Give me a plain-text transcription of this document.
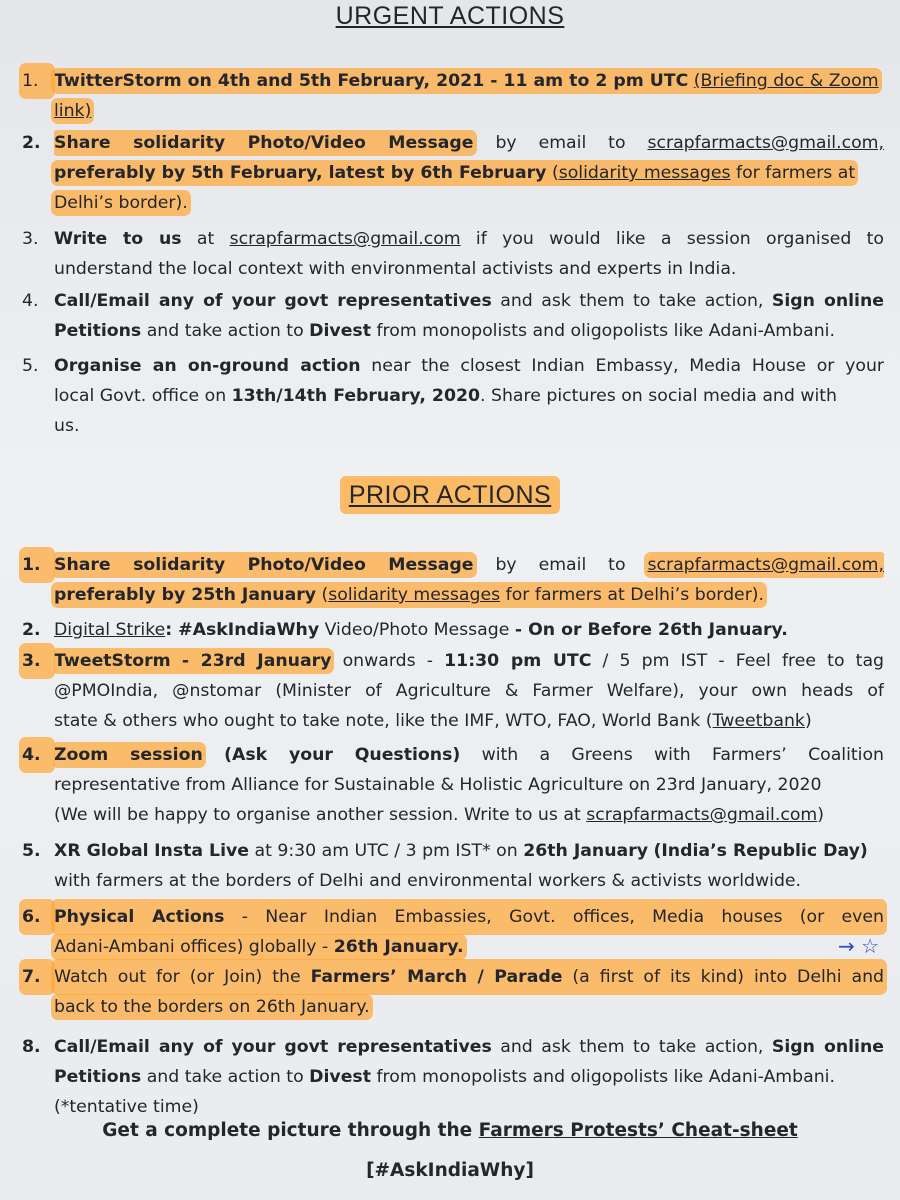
URGENT ACTIONS
1. TwitterStorm on 4th and 5th February, 2021 - 11 am to 2 pm UTC (Briefing doc & Zoom
link)
2. Share solidarity Photo/Video Message by email to scrapfarmacts@gmail.com,
preferably by 5th February, latest by 6th February (solidarity messages for farmers at
Delhi’s border).
3. Write to us at scrapfarmacts@gmail.com if you would like a session organised to
understand the local context with environmental activists and experts in India.
4. Call/Email any of your govt representatives and ask them to take action, Sign online
Petitions and take action to Divest from monopolists and oligopolists like Adani-Ambani.
5. Organise an on-ground action near the closest Indian Embassy, Media House or your
local Govt. office on 13th/14th February, 2020. Share pictures on social media and with
us.
PRIOR ACTIONS
1. Share solidarity Photo/Video Message by email to scrapfarmacts@gmail.com,
preferably by 25th January (solidarity messages for farmers at Delhi’s border).
2. Digital Strike: #AskIndiaWhy Video/Photo Message - On or Before 26th January.
3. TweetStorm - 23rd January onwards - 11:30 pm UTC / 5 pm IST - Feel free to tag
@PMOIndia, @nstomar (Minister of Agriculture & Farmer Welfare), your own heads of
state & others who ought to take note, like the IMF, WTO, FAO, World Bank (Tweetbank)
4. Zoom session (Ask your Questions) with a Greens with Farmers’ Coalition
representative from Alliance for Sustainable & Holistic Agriculture on 23rd January, 2020
(We will be happy to organise another session. Write to us at scrapfarmacts@gmail.com)
5. XR Global Insta Live at 9:30 am UTC / 3 pm IST* on 26th January (India’s Republic Day)
with farmers at the borders of Delhi and environmental workers & activists worldwide.
6. Physical Actions - Near Indian Embassies, Govt. offices, Media houses (or even
Adani-Ambani offices) globally - 26th January.
7. Watch out for (or Join) the Farmers’ March / Parade (a first of its kind) into Delhi and
back to the borders on 26th January.
8. Call/Email any of your govt representatives and ask them to take action, Sign online
Petitions and take action to Divest from monopolists and oligopolists like Adani-Ambani.
(*tentative time)
Get a complete picture through the Farmers Protests’ Cheat-sheet
[#AskIndiaWhy]
→ ☆
